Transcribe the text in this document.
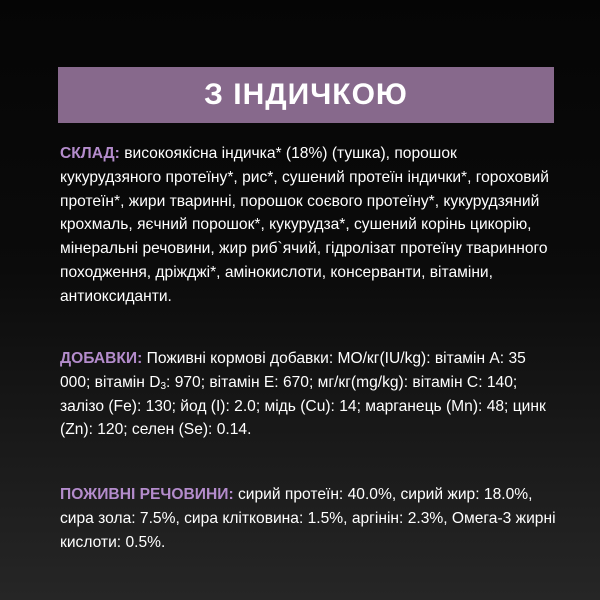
З ІНДИЧКОЮ

СКЛАД: високоякісна індичка* (18%) (тушка), порошок кукурудзяного протеїну*, рис*, сушений протеїн індички*, гороховий протеїн*, жири тваринні, порошок соєвого протеїну*, кукурудзяний крохмаль, яєчний порошок*, кукурудза*, сушений корінь цикорію, мінеральні речовини, жир риб`ячий, гідролізат протеїну тваринного походження, дріжджі*, амінокислоти, консерванти, вітаміни, антиоксиданти.

ДОБАВКИ: Поживні кормові добавки: МО/кг(IU/kg): вітамін A: 35 000; вітамін $D_3$: 970; вітамін E: 670; мг/кг(mg/kg): вітамін C: 140; залізо (Fe): 130; йод (I): 2.0; мідь (Cu): 14; марганець (Mn): 48; цинк (Zn): 120; селен (Se): 0.14.

ПОЖИВНІ РЕЧОВИНИ: сирий протеїн: 40.0%, сирий жир: 18.0%, сира зола: 7.5%, сира клітковина: 1.5%, аргінін: 2.3%, Омега-3 жирні кислоти: 0.5%.
